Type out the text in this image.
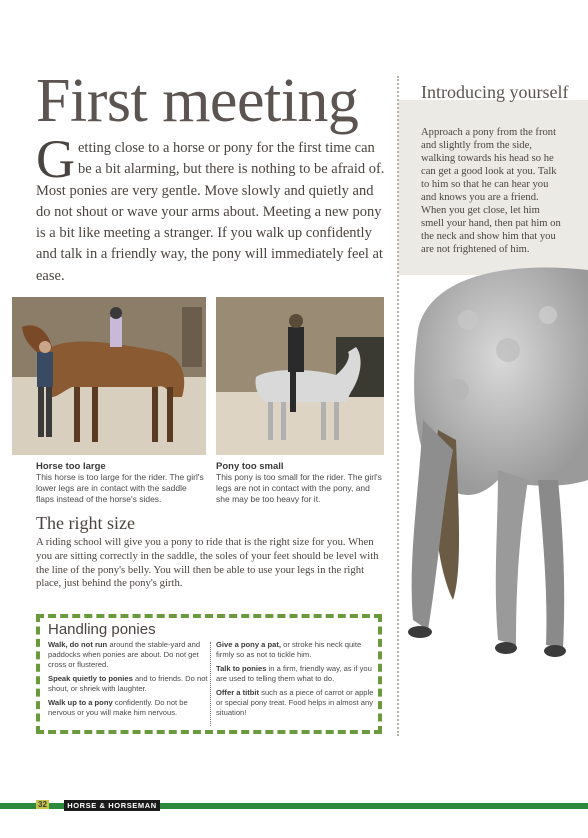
First meeting
Getting close to a horse or pony for the first time can be a bit alarming, but there is nothing to be afraid of. Most ponies are very gentle. Move slowly and quietly and do not shout or wave your arms about. Meeting a new pony is a bit like meeting a stranger. If you walk up confidently and talk in a friendly way, the pony will immediately feel at ease.
Introducing yourself
Approach a pony from the front and slightly from the side, walking towards his head so he can get a good look at you. Talk to him so that he can hear you and knows you are a friend. When you get close, let him smell your hand, then pat him on the neck and show him that you are not frightened of him.
Horse too large
This horse is too large for the rider. The girl's lower legs are in contact with the saddle flaps instead of the horse's sides.
Pony too small
This pony is too small for the rider. The girl's legs are not in contact with the pony, and she may be too heavy for it.
The right size
A riding school will give you a pony to ride that is the right size for you. When you are sitting correctly in the saddle, the soles of your feet should be level with the line of the pony's belly. You will then be able to use your legs in the right place, just behind the pony's girth.
Handling ponies

Walk, do not run around the stable-yard and paddocks when ponies are about. Do not get cross or flustered.

Speak quietly to ponies and to friends. Do not shout, or shriek with laughter.

Walk up to a pony confidently. Do not be nervous or you will make him nervous.

Give a pony a pat, or stroke his neck quite firmly so as not to tickle him.

Talk to ponies in a firm, friendly way, as if you are used to telling them what to do.

Offer a titbit such as a piece of carrot or apple or special pony treat. Food helps in almost any situation!

32	HORSE & HORSEMAN
